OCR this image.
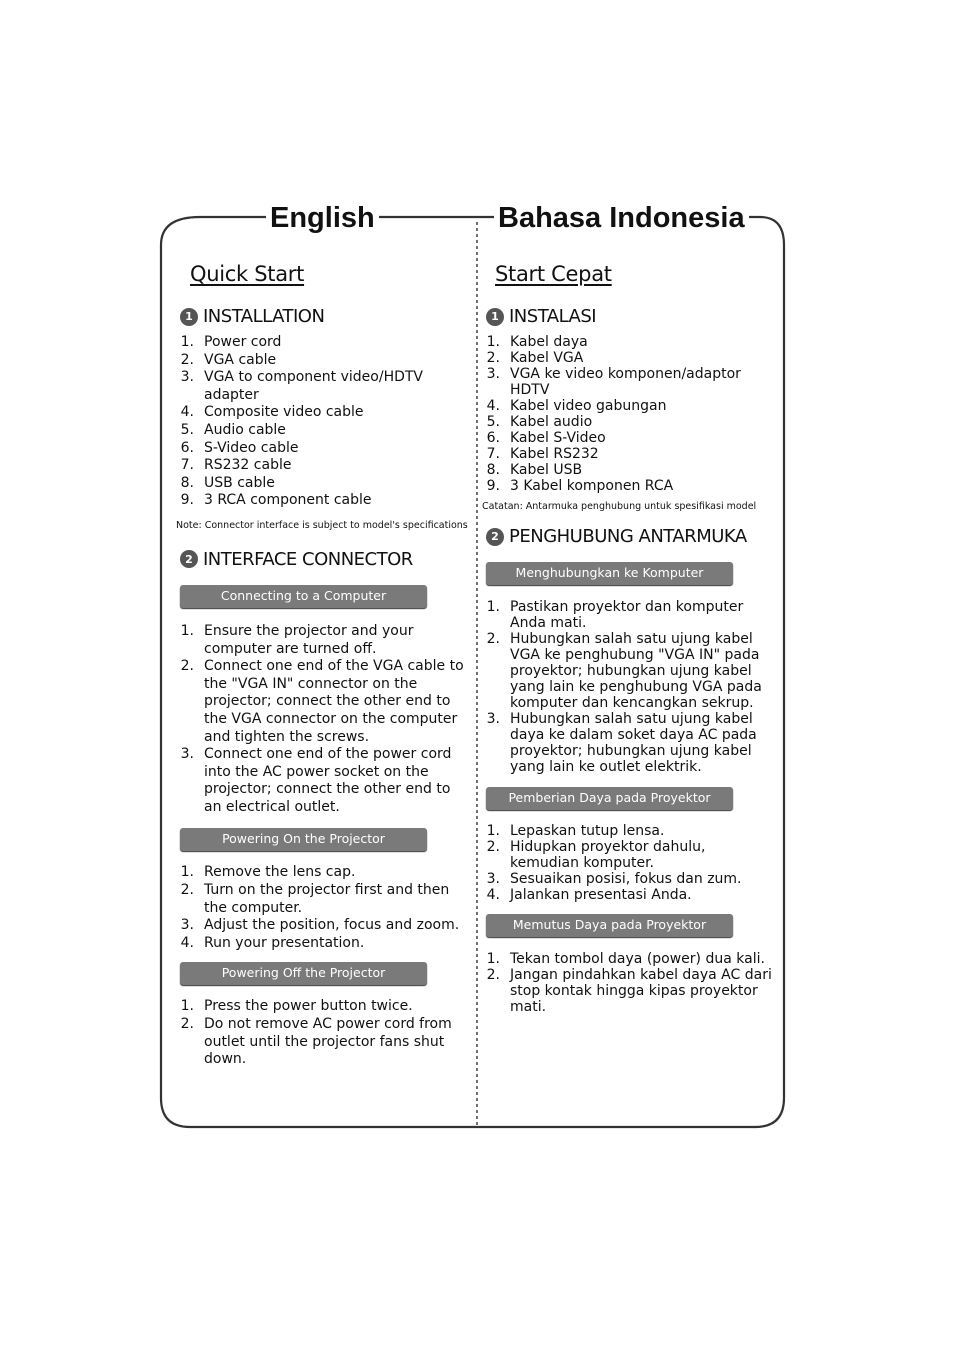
English	Bahasa Indonesia
Quick Start
1 INSTALLATION
1. Power cord
2. VGA cable
3. VGA to component video/HDTV adapter
4. Composite video cable
5. Audio cable
6. S-Video cable
7. RS232 cable
8. USB cable
9. 3 RCA component cable
Note: Connector interface is subject to model's specifications
2 INTERFACE CONNECTOR
Connecting to a Computer
1. Ensure the projector and your computer are turned off.
2. Connect one end of the VGA cable to the "VGA IN" connector on the projector; connect the other end to the VGA connector on the computer and tighten the screws.
3. Connect one end of the power cord into the AC power socket on the projector; connect the other end to an electrical outlet.
Powering On the Projector
1. Remove the lens cap.
2. Turn on the projector first and then the computer.
3. Adjust the position, focus and zoom.
4. Run your presentation.
Powering Off the Projector
1. Press the power button twice.
2. Do not remove AC power cord from outlet until the projector fans shut down.
Start Cepat
1 INSTALASI
1. Kabel daya
2. Kabel VGA
3. VGA ke video komponen/adaptor HDTV
4. Kabel video gabungan
5. Kabel audio
6. Kabel S-Video
7. Kabel RS232
8. Kabel USB
9. 3 Kabel komponen RCA
Catatan: Antarmuka penghubung untuk spesifikasi model
2 PENGHUBUNG ANTARMUKA
Menghubungkan ke Komputer
1. Pastikan proyektor dan komputer Anda mati.
2. Hubungkan salah satu ujung kabel VGA ke penghubung "VGA IN" pada proyektor; hubungkan ujung kabel yang lain ke penghubung VGA pada komputer dan kencangkan sekrup.
3. Hubungkan salah satu ujung kabel daya ke dalam soket daya AC pada proyektor; hubungkan ujung kabel yang lain ke outlet elektrik.
Pemberian Daya pada Proyektor
1. Lepaskan tutup lensa.
2. Hidupkan proyektor dahulu, kemudian komputer.
3. Sesuaikan posisi, fokus dan zum.
4. Jalankan presentasi Anda.
Memutus Daya pada Proyektor
1. Tekan tombol daya (power) dua kali.
2. Jangan pindahkan kabel daya AC dari stop kontak hingga kipas proyektor mati.
